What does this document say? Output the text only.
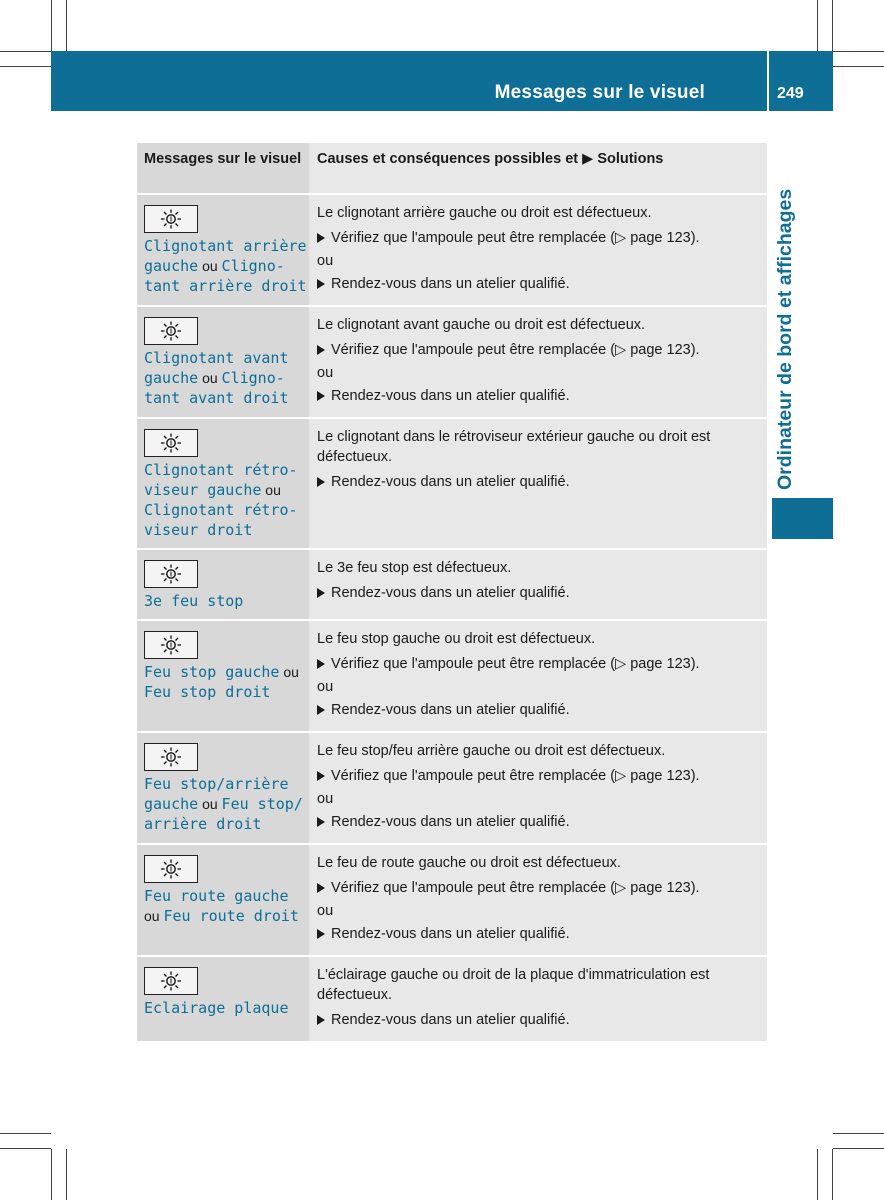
Messages sur le visuel	249
Ordinateur de bord et affichages
Messages sur le visuel	Causes et conséquences possibles et ▶ Solutions
Clignotant arrière
gauche ou Cligno-
tant arrière droit
Le clignotant arrière gauche ou droit est défectueux.
Vérifiez que l'ampoule peut être remplacée (▷ page 123).
ou
Rendez-vous dans un atelier qualifié.
Clignotant avant
gauche ou Cligno-
tant avant droit
Le clignotant avant gauche ou droit est défectueux.
Vérifiez que l'ampoule peut être remplacée (▷ page 123).
ou
Rendez-vous dans un atelier qualifié.
Clignotant rétro-
viseur gauche ou
Clignotant rétro-
viseur droit
Le clignotant dans le rétroviseur extérieur gauche ou droit est défectueux.
Rendez-vous dans un atelier qualifié.
3e feu stop
Le 3e feu stop est défectueux.
Rendez-vous dans un atelier qualifié.
Feu stop gauche ou
Feu stop droit
Le feu stop gauche ou droit est défectueux.
Vérifiez que l'ampoule peut être remplacée (▷ page 123).
ou
Rendez-vous dans un atelier qualifié.
Feu stop/arrière
gauche ou Feu stop/
arrière droit
Le feu stop/feu arrière gauche ou droit est défectueux.
Vérifiez que l'ampoule peut être remplacée (▷ page 123).
ou
Rendez-vous dans un atelier qualifié.
Feu route gauche
ou Feu route droit
Le feu de route gauche ou droit est défectueux.
Vérifiez que l'ampoule peut être remplacée (▷ page 123).
ou
Rendez-vous dans un atelier qualifié.
Eclairage plaque
L'éclairage gauche ou droit de la plaque d'immatriculation est défectueux.
Rendez-vous dans un atelier qualifié.
